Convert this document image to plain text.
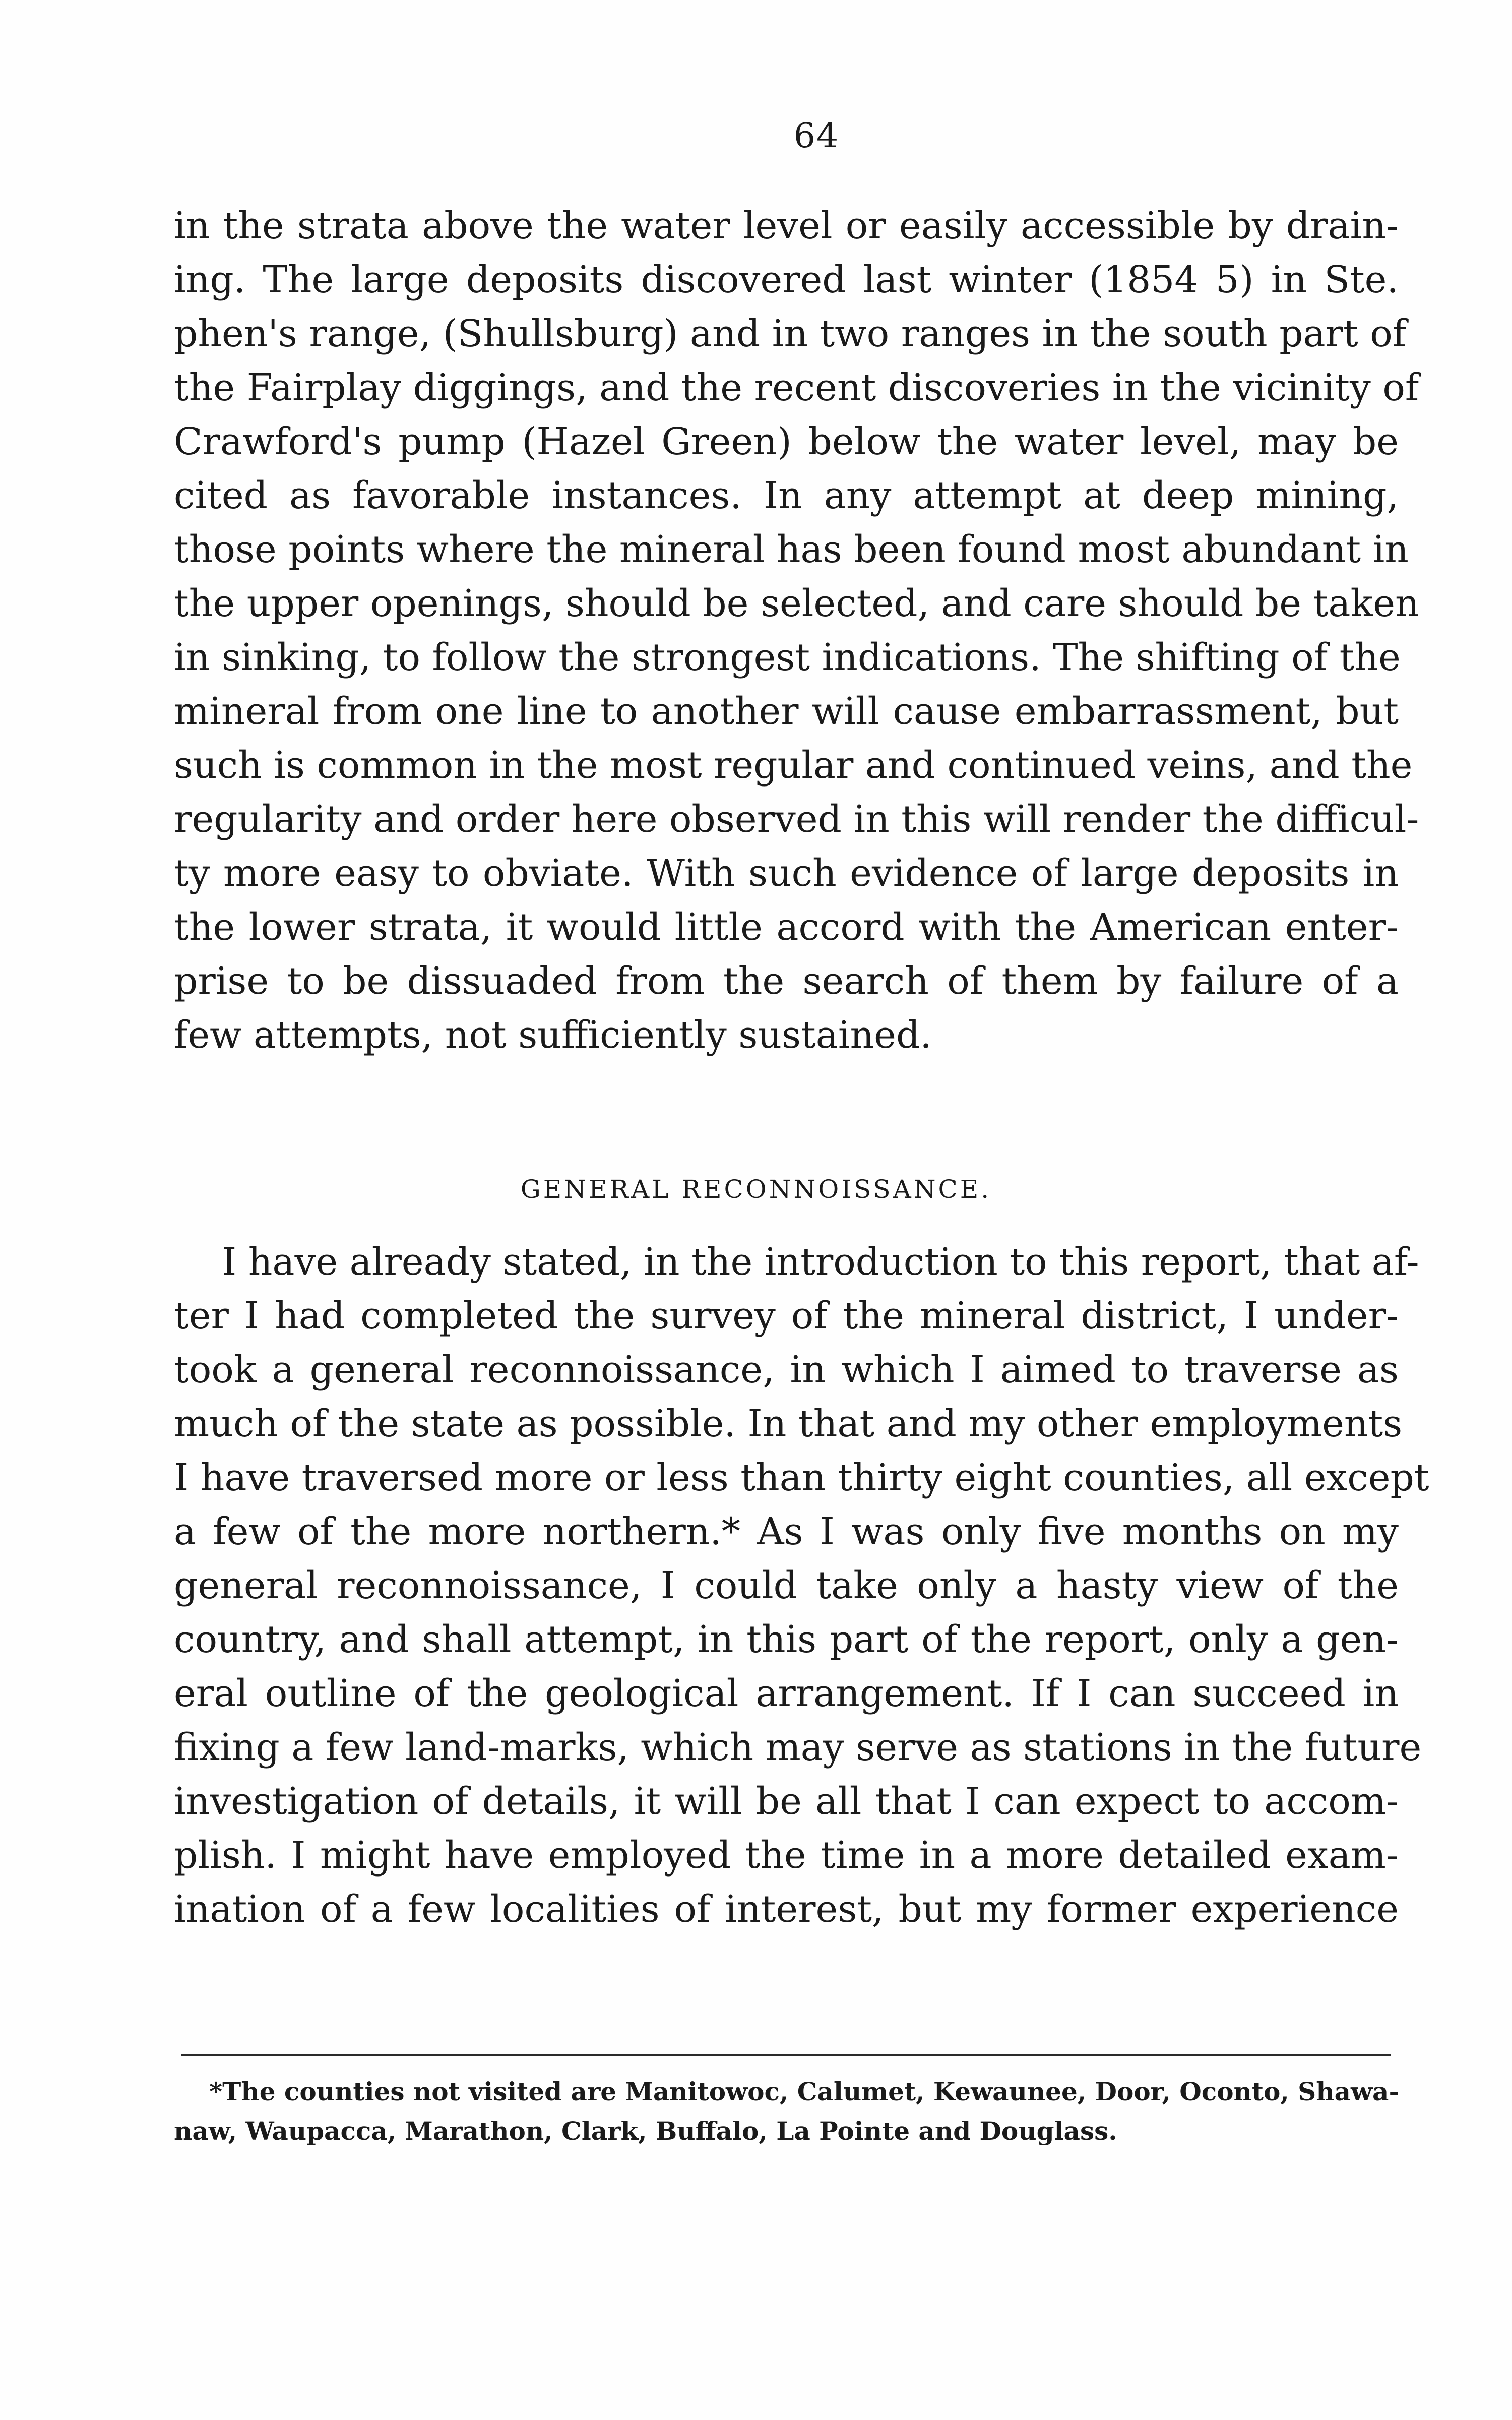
64
in the strata above the water level or easily accessible by drain-
ing. The large deposits discovered last winter (1854 5) in Ste.
phen's range, (Shullsburg) and in two ranges in the south part of
the Fairplay diggings, and the recent discoveries in the vicinity of
Crawford's pump (Hazel Green) below the water level, may be
cited as favorable instances. In any attempt at deep mining,
those points where the mineral has been found most abundant in
the upper openings, should be selected, and care should be taken
in sinking, to follow the strongest indications. The shifting of the
mineral from one line to another will cause embarrassment, but
such is common in the most regular and continued veins, and the
regularity and order here observed in this will render the difficul-
ty more easy to obviate. With such evidence of large deposits in
the lower strata, it would little accord with the American enter-
prise to be dissuaded from the search of them by failure of a
few attempts, not sufficiently sustained.
GENERAL RECONNOISSANCE.
I have already stated, in the introduction to this report, that af-
ter I had completed the survey of the mineral district, I under-
took a general reconnoissance, in which I aimed to traverse as
much of the state as possible. In that and my other employments
I have traversed more or less than thirty eight counties, all except
a few of the more northern.* As I was only five months on my
general reconnoissance, I could take only a hasty view of the
country, and shall attempt, in this part of the report, only a gen-
eral outline of the geological arrangement. If I can succeed in
fixing a few land-marks, which may serve as stations in the future
investigation of details, it will be all that I can expect to accom-
plish. I might have employed the time in a more detailed exam-
ination of a few localities of interest, but my former experience
*The counties not visited are Manitowoc, Calumet, Kewaunee, Door, Oconto, Shawa-
naw, Waupacca, Marathon, Clark, Buffalo, La Pointe and Douglass.
